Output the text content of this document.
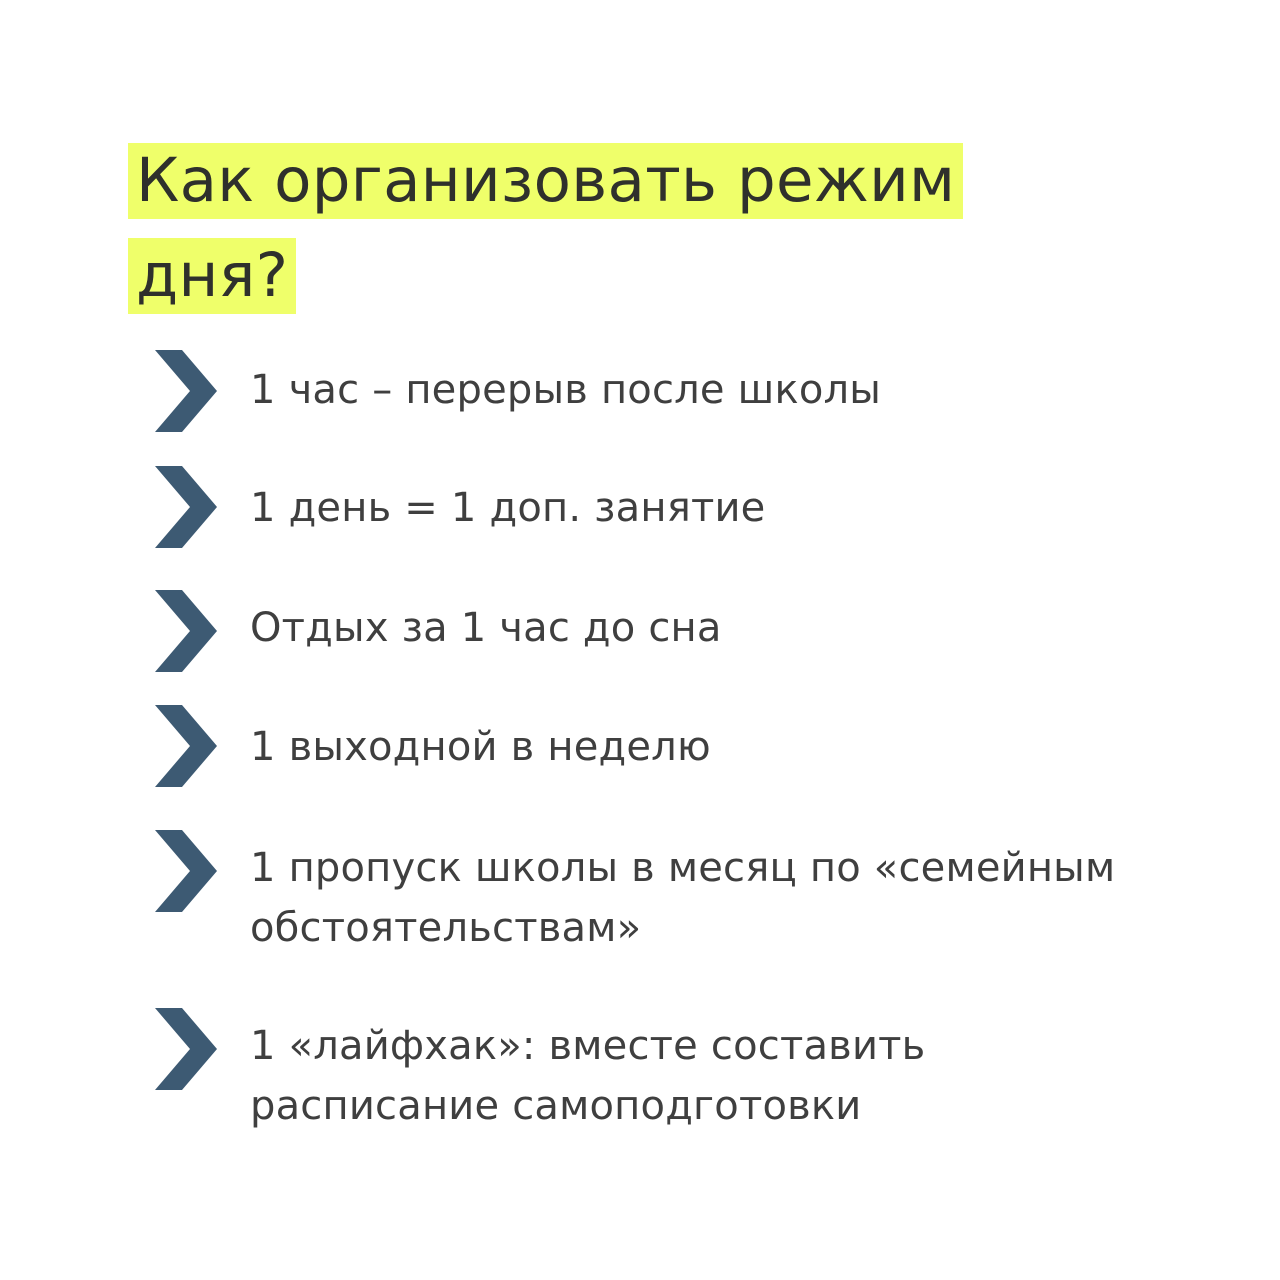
Как организовать режим
дня?
1 час – перерыв после школы
1 день = 1 доп. занятие
Отдых за 1 час до сна
1 выходной в неделю
1 пропуск школы в месяц по «семейным
обстоятельствам»
1 «лайфхак»: вместе составить
расписание самоподготовки
